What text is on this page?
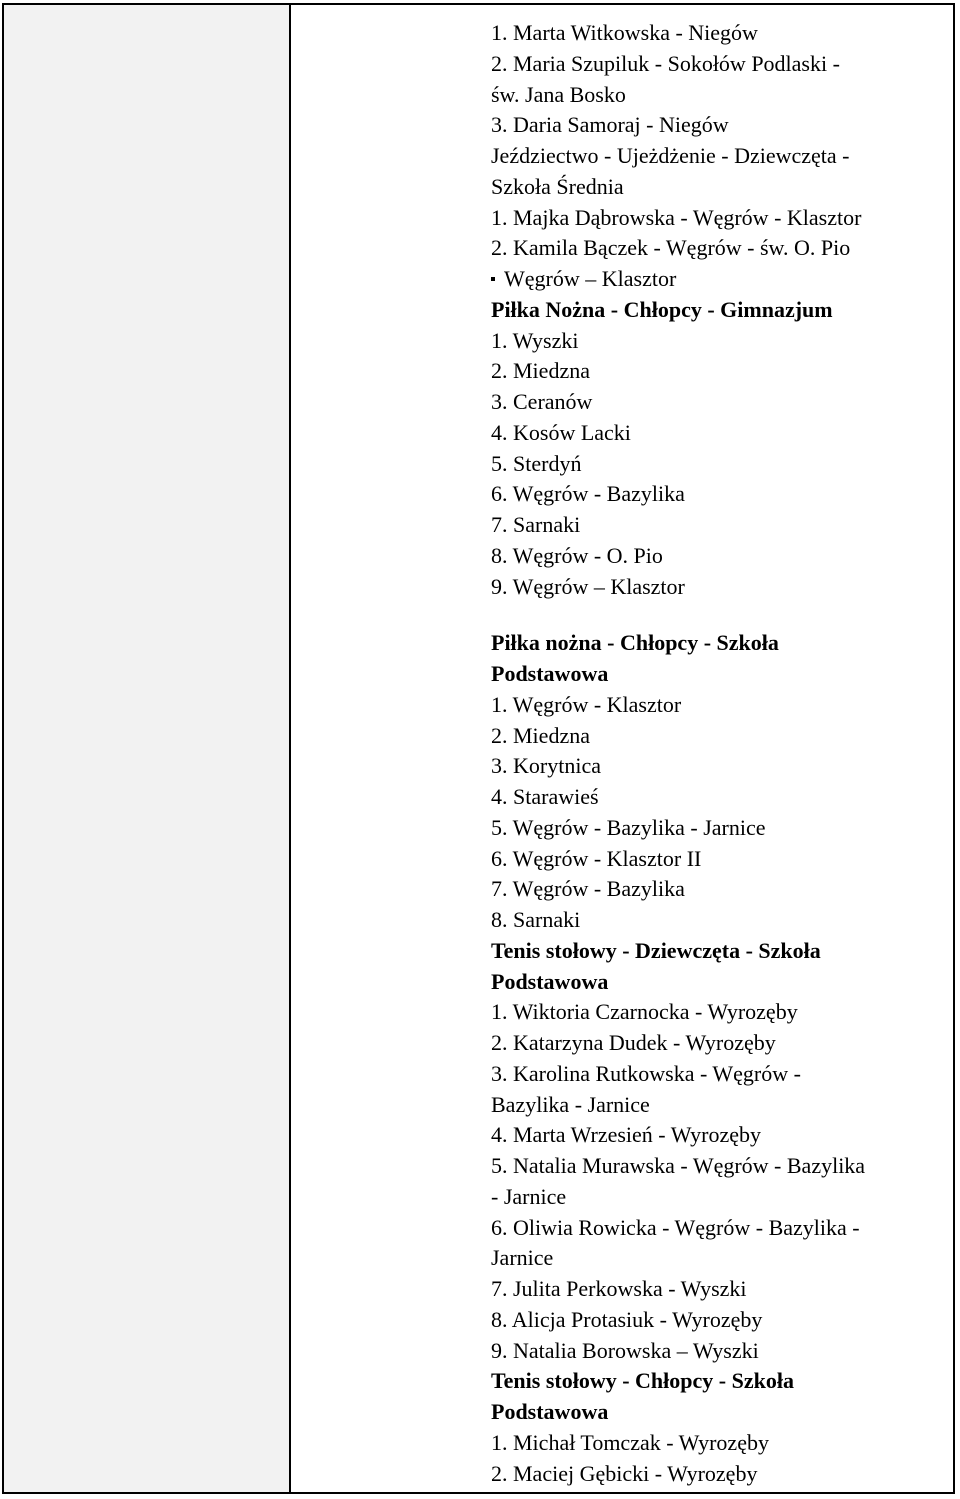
1. Marta Witkowska - Niegów
2. Maria Szupiluk - Sokołów Podlaski -
św. Jana Bosko
3. Daria Samoraj - Niegów
Jeździectwo - Ujeżdżenie - Dziewczęta -
Szkoła Średnia
1. Majka Dąbrowska - Węgrów - Klasztor
2. Kamila Bączek - Węgrów - św. O. Pio
Węgrów – Klasztor
Piłka Nożna - Chłopcy - Gimnazjum
1. Wyszki
2. Miedzna
3. Ceranów
4. Kosów Lacki
5. Sterdyń
6. Węgrów - Bazylika
7. Sarnaki
8. Węgrów - O. Pio
9. Węgrów – Klasztor
Piłka nożna - Chłopcy - Szkoła
Podstawowa
1. Węgrów - Klasztor
2. Miedzna
3. Korytnica
4. Starawieś
5. Węgrów - Bazylika - Jarnice
6. Węgrów - Klasztor II
7. Węgrów - Bazylika
8. Sarnaki
Tenis stołowy - Dziewczęta - Szkoła
Podstawowa
1. Wiktoria Czarnocka - Wyrozęby
2. Katarzyna Dudek - Wyrozęby
3. Karolina Rutkowska - Węgrów -
Bazylika - Jarnice
4. Marta Wrzesień - Wyrozęby
5. Natalia Murawska - Węgrów - Bazylika
- Jarnice
6. Oliwia Rowicka - Węgrów - Bazylika -
Jarnice
7. Julita Perkowska - Wyszki
8. Alicja Protasiuk - Wyrozęby
9. Natalia Borowska – Wyszki
Tenis stołowy - Chłopcy - Szkoła
Podstawowa
1. Michał Tomczak - Wyrozęby
2. Maciej Gębicki - Wyrozęby
